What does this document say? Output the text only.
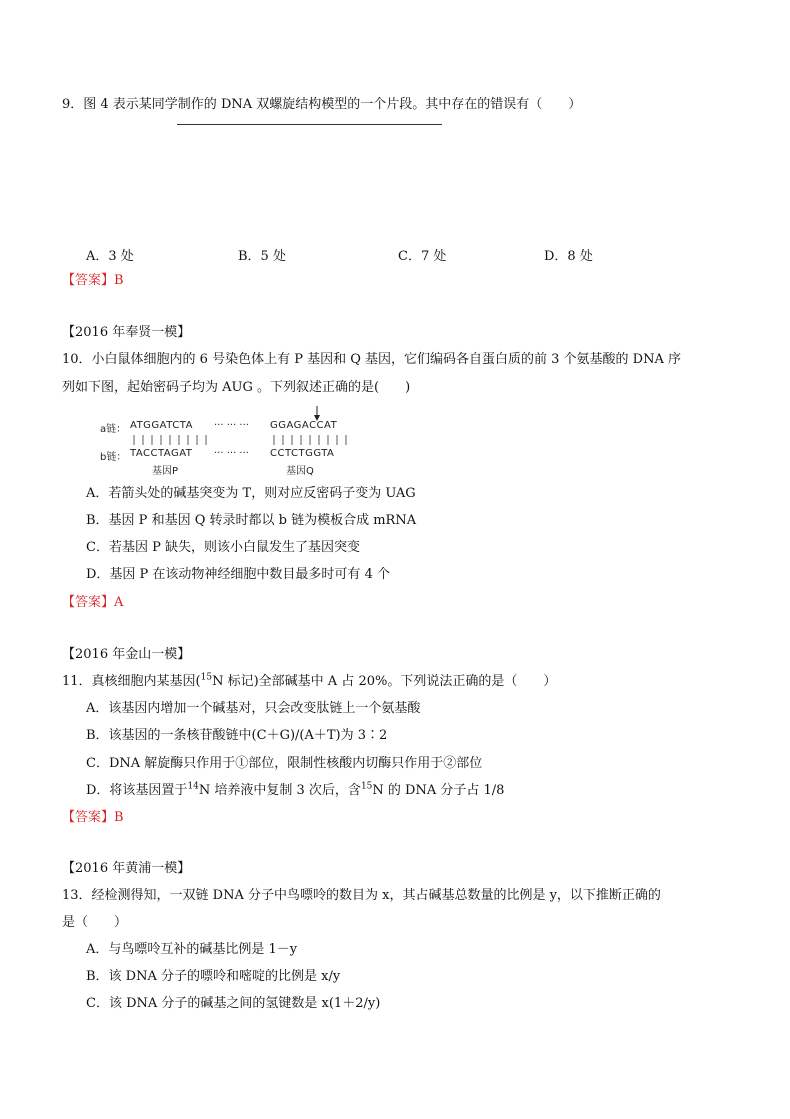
9．图 4 表示某同学制作的 DNA 双螺旋结构模型的一个片段。其中存在的错误有（　　）
A．3 处	B．5 处	C．7 处	D．8 处
【答案】B
【2016 年奉贤一模】
10．小白鼠体细胞内的 6 号染色体上有 P 基因和 Q 基因，它们编码各自蛋白质的前 3 个氨基酸的 DNA 序
列如下图，起始密码子均为 AUG 。下列叙述正确的是(　　)
a链： ATGGATCTA ··· ··· ··· GGAGACCAT
b链： TACCTAGAT ··· ··· ··· CCTCTGGTA
基因P	基因Q
A．若箭头处的碱基突变为 T，则对应反密码子变为 UAG
B．基因 P 和基因 Q 转录时都以 b 链为模板合成 mRNA
C．若基因 P 缺失，则该小白鼠发生了基因突变
D．基因 P 在该动物神经细胞中数目最多时可有 4 个
【答案】A
【2016 年金山一模】
11．真核细胞内某基因($^{15}$N 标记)全部碱基中 A 占 20%。下列说法正确的是（　　）
A．该基因内增加一个碱基对，只会改变肽链上一个氨基酸
B．该基因的一条核苷酸链中(C＋G)/(A＋T)为 3∶2
C．DNA 解旋酶只作用于①部位，限制性核酸内切酶只作用于②部位
D．将该基因置于$^{14}$N 培养液中复制 3 次后，含$^{15}$N 的 DNA 分子占 1/8
【答案】B
【2016 年黄浦一模】
13．经检测得知，一双链 DNA 分子中鸟嘌呤的数目为 x，其占碱基总数量的比例是 y，以下推断正确的
是（　　）
A．与鸟嘌呤互补的碱基比例是 1－y
B．该 DNA 分子的嘌呤和嘧啶的比例是 x/y
C．该 DNA 分子的碱基之间的氢键数是 x(1＋2/y)
